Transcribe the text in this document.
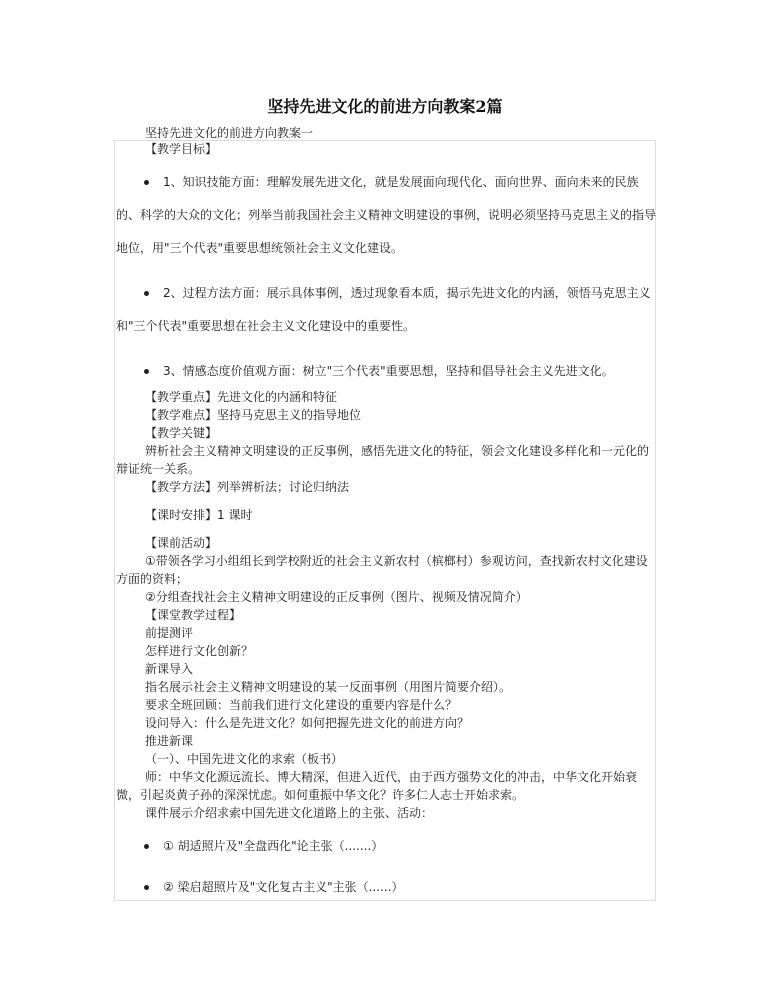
坚持先进文化的前进方向教案2篇

坚持先进文化的前进方向教案一

【教学目标】

1、知识技能方面：理解发展先进文化，就是发展面向现代化、面向世界、面向未来的民族的、科学的大众的文化；列举当前我国社会主义精神文明建设的事例，说明必须坚持马克思主义的指导地位，用"三个代表"重要思想统领社会主义文化建设。
2、过程方法方面：展示具体事例，透过现象看本质，揭示先进文化的内涵，领悟马克思主义和"三个代表"重要思想在社会主义文化建设中的重要性。
3、情感态度价值观方面：树立"三个代表"重要思想，坚持和倡导社会主义先进文化。

【教学重点】先进文化的内涵和特征

【教学难点】坚持马克思主义的指导地位

【教学关键】

辨析社会主义精神文明建设的正反事例，感悟先进文化的特征，领会文化建设多样化和一元化的辩证统一关系。

【教学方法】列举辨析法；讨论归纳法

【课时安排】1 课时

【课前活动】

①带领各学习小组组长到学校附近的社会主义新农村（槟榔村）参观访问，查找新农村文化建设方面的资料；

②分组查找社会主义精神文明建设的正反事例（图片、视频及情况简介）

【课堂教学过程】

前提测评

怎样进行文化创新？

新课导入

指名展示社会主义精神文明建设的某一反面事例（用图片简要介绍）。

要求全班回顾：当前我们进行文化建设的重要内容是什么？

设问导入：什么是先进文化？如何把握先进文化的前进方向？

推进新课

（一）、中国先进文化的求索（板书）

师：中华文化源远流长、博大精深，但进入近代，由于西方强势文化的冲击，中华文化开始衰微，引起炎黄子孙的深深忧虑。如何重振中华文化？许多仁人志士开始求索。

课件展示介绍求索中国先进文化道路上的主张、活动：

① 胡适照片及"全盘西化"论主张（.......）
② 梁启超照片及"文化复古主义"主张（......）
